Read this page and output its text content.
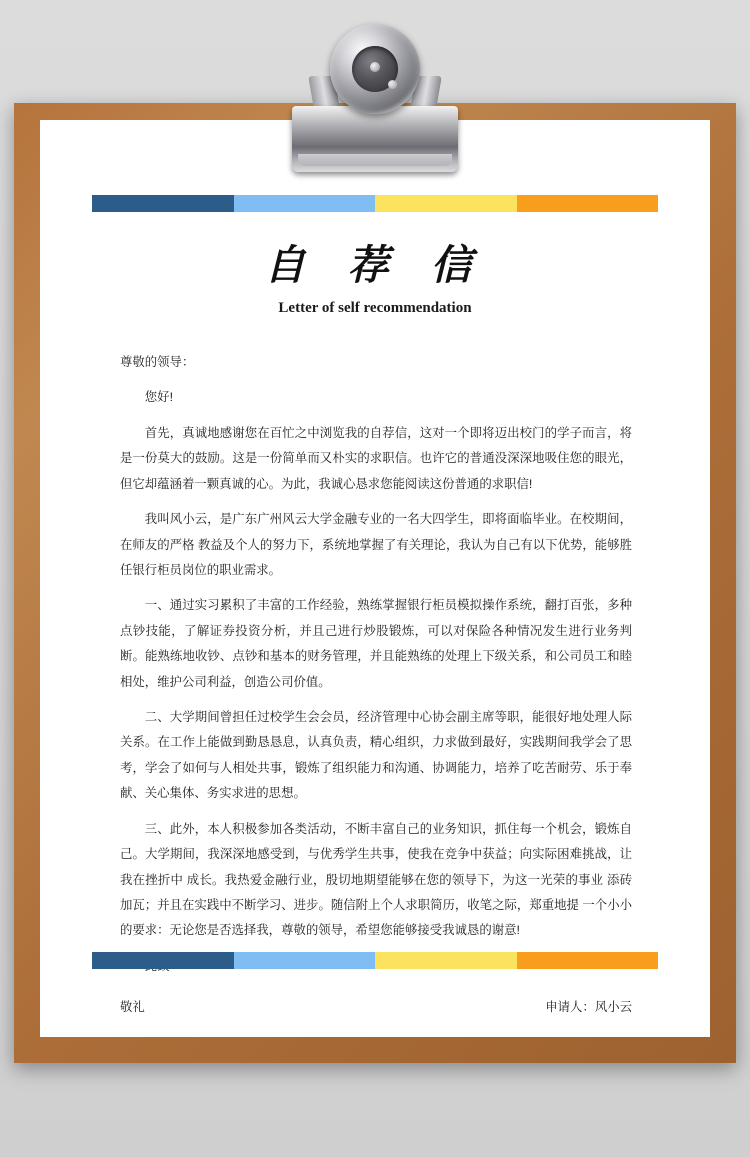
自 荐 信
Letter of self recommendation

尊敬的领导：

您好!

首先，真诚地感谢您在百忙之中浏览我的自荐信，这对一个即将迈出校门的学子而言，将是一份莫大的鼓励。这是一份简单而又朴实的求职信。也许它的普通没深深地吸住您的眼光，但它却蕴涵着一颗真诚的心。为此，我诚心恳求您能阅读这份普通的求职信!

我叫风小云，是广东广州风云大学金融专业的一名大四学生，即将面临毕业。在校期间，在师友的严格 教益及个人的努力下，系统地掌握了有关理论，我认为自己有以下优势，能够胜任银行柜员岗位的职业需求。

一、通过实习累积了丰富的工作经验，熟练掌握银行柜员模拟操作系统，翻打百张，多种点钞技能，了解证券投资分析，并且己进行炒股锻炼，可以对保险各种情况发生进行业务判断。能熟练地收钞、点钞和基本的财务管理，并且能熟练的处理上下级关系，和公司员工和睦相处，维护公司利益，创造公司价值。

二、大学期间曾担任过校学生会会员，经济管理中心协会副主席等职，能很好地处理人际关系。在工作上能做到勤恳恳息，认真负责，精心组织，力求做到最好，实践期间我学会了思考，学会了如何与人相处共事，锻炼了组织能力和沟通、协调能力，培养了吃苦耐劳、乐于奉献、关心集体、务实求进的思想。

三、此外，本人积极参加各类活动，不断丰富自己的业务知识，抓住每一个机会，锻炼自己。大学期间，我深深地感受到，与优秀学生共事，使我在竞争中获益；向实际困难挑战，让我在挫折中 成长。我热爱金融行业，殷切地期望能够在您的领导下，为这一光荣的事业 添砖加瓦；并且在实践中不断学习、进步。随信附上个人求职简历，收笔之际，郑重地提 一个小小的要求：无论您是否选择我，尊敬的领导，希望您能够接受我诚恳的谢意!

敬礼	申请人：风小云
